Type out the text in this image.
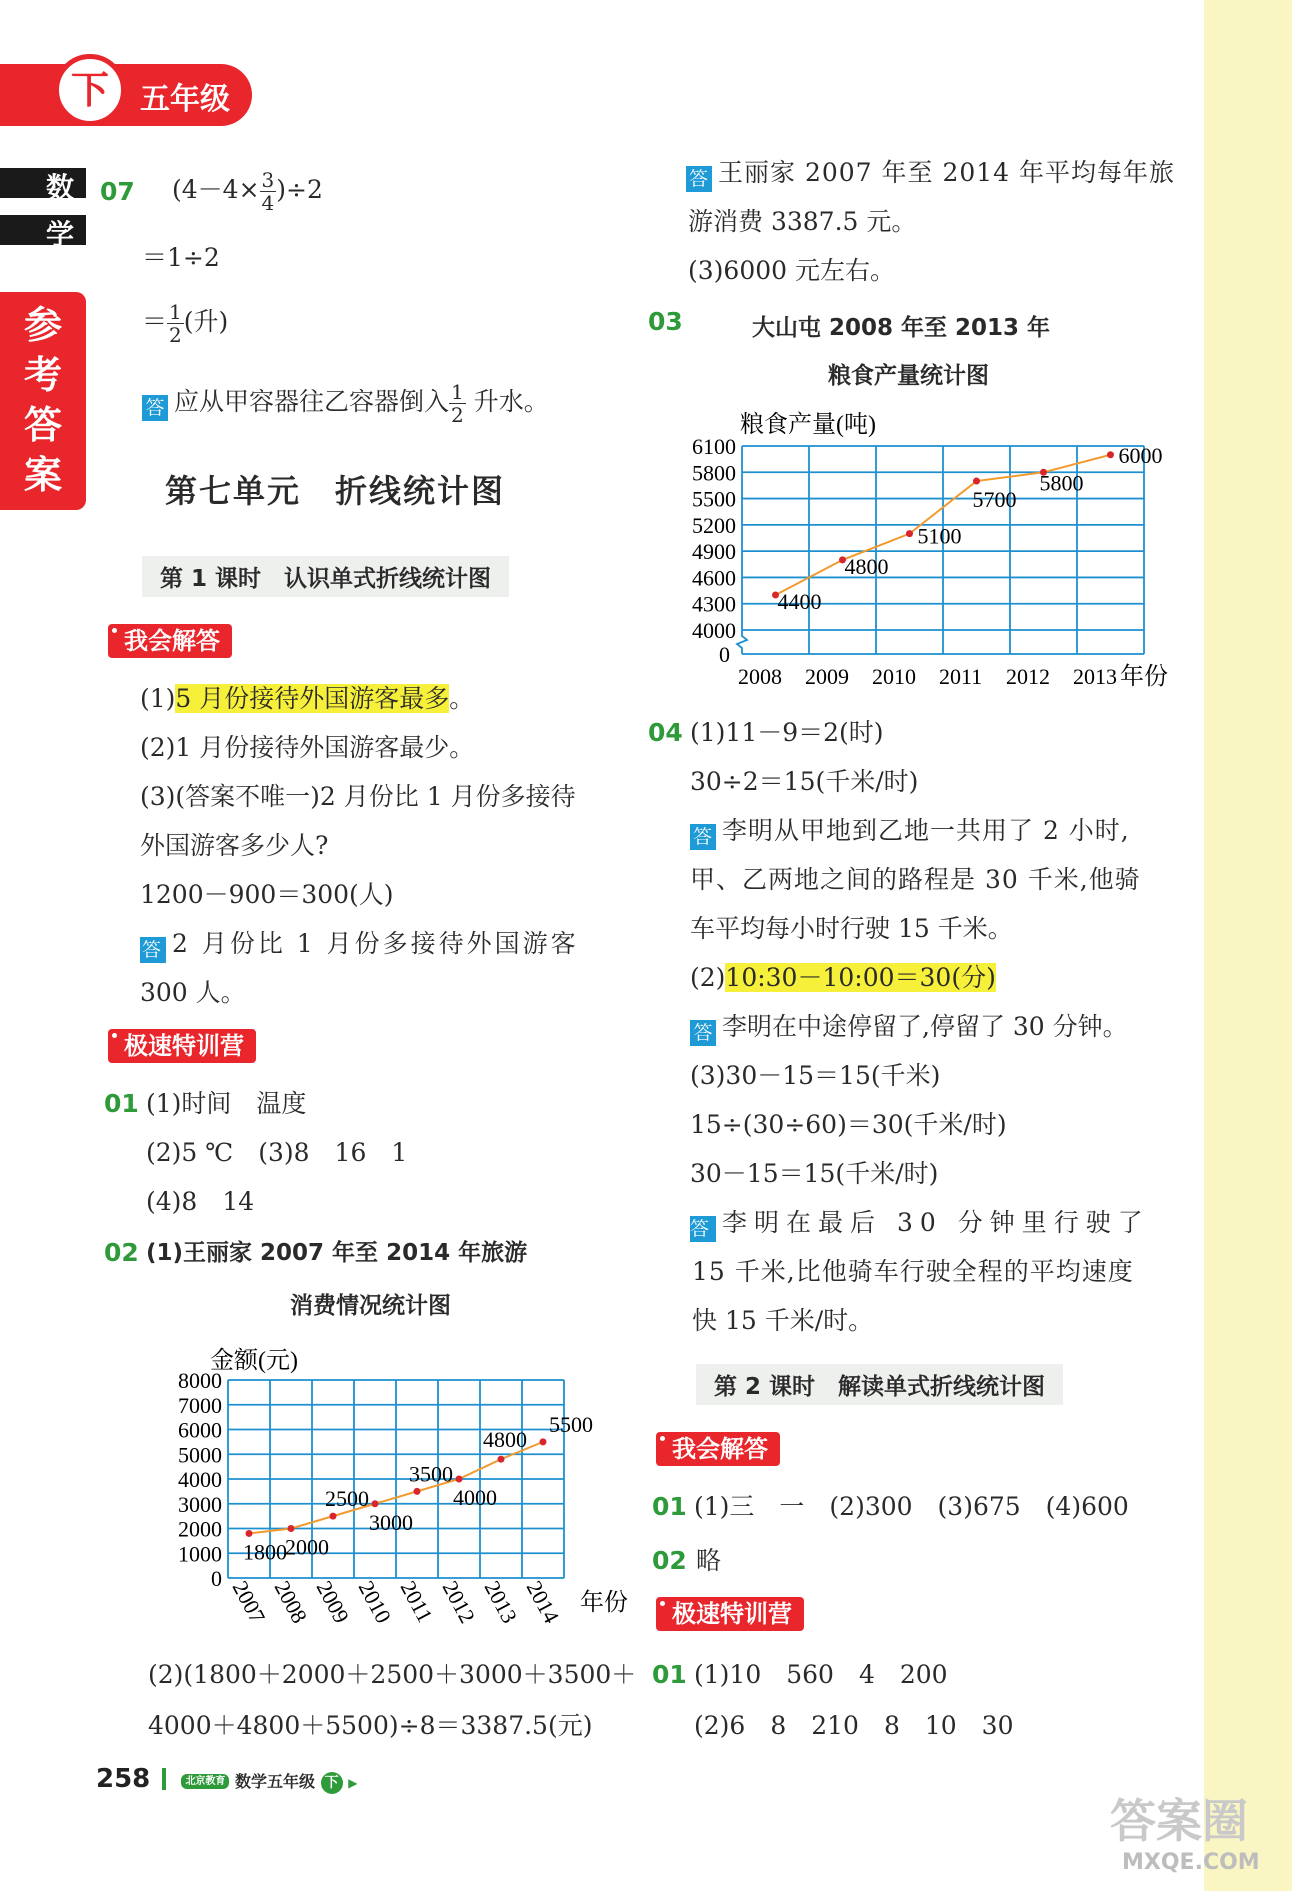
下	五年级
数
学
参
考
答
案
07 $(4-4\times \frac{3}{4} )\div 2$
＝1÷2
＝ $\frac{1}{2}$ (升)
答 应从甲容器往乙容器倒入 $\frac{1}{2}$ 升水。
第七单元　折线统计图
第 1 课时　认识单式折线统计图
我会解答
(1)5 月份接待外国游客最多。
(2)1 月份接待外国游客最少。
(3)(答案不唯一)2 月份比 1 月份多接待
外国游客多少人?
1200－900＝300(人)
答 2 月份比 1 月份多接待外国游客
300 人。
极速特训营
01 (1)时间　温度
(2)5 ℃　(3)8　16　1
(4)8　14
02 (1)王丽家 2007 年至 2014 年旅游
消费情况统计图
0
1000
2000
3000
4000
5000
6000
7000
8000
2007 2008 2009 2010 2011 2012 2013 2014
1800
2000
2500
3000
3500
4000
4800
5500
金额(元)
年份
(2)(1800＋2000＋2500＋3000＋3500＋
4000＋4800＋5500)÷8＝3387.5(元)
258	北京教育 数学五年级 下 ▶
答 王丽家 2007 年至 2014 年平均每年旅
游消费 3387.5 元。
(3)6000 元左右。
03	大山屯 2008 年至 2013 年
粮食产量统计图
0
4000
4300
4600
4900
5200
5500
5800
6100
2008 2009 2010 2011 2012 2013
4400
4800
5100
5700
5800
6000
粮食产量(吨)
年份
04 (1)11－9＝2(时)
30÷2＝15(千米/时)
答 李明从甲地到乙地一共用了 2 小时,
甲、乙两地之间的路程是 30 千米,他骑
车平均每小时行驶 15 千米。
(2)10:30－10:00＝30(分)
答 李明在中途停留了,停留了 30 分钟。
(3)30－15＝15(千米)
15÷(30÷60)＝30(千米/时)
30－15＝15(千米/时)
答 李明在最后 30 分钟里行驶了
15 千米,比他骑车行驶全程的平均速度
快 15 千米/时。
第 2 课时　解读单式折线统计图
我会解答
01 (1)三　一　(2)300　(3)675　(4)600
02 略
极速特训营
01 (1)10　560　4　200
(2)6　8　210　8　10　30
答案圈
MXQE.COM
